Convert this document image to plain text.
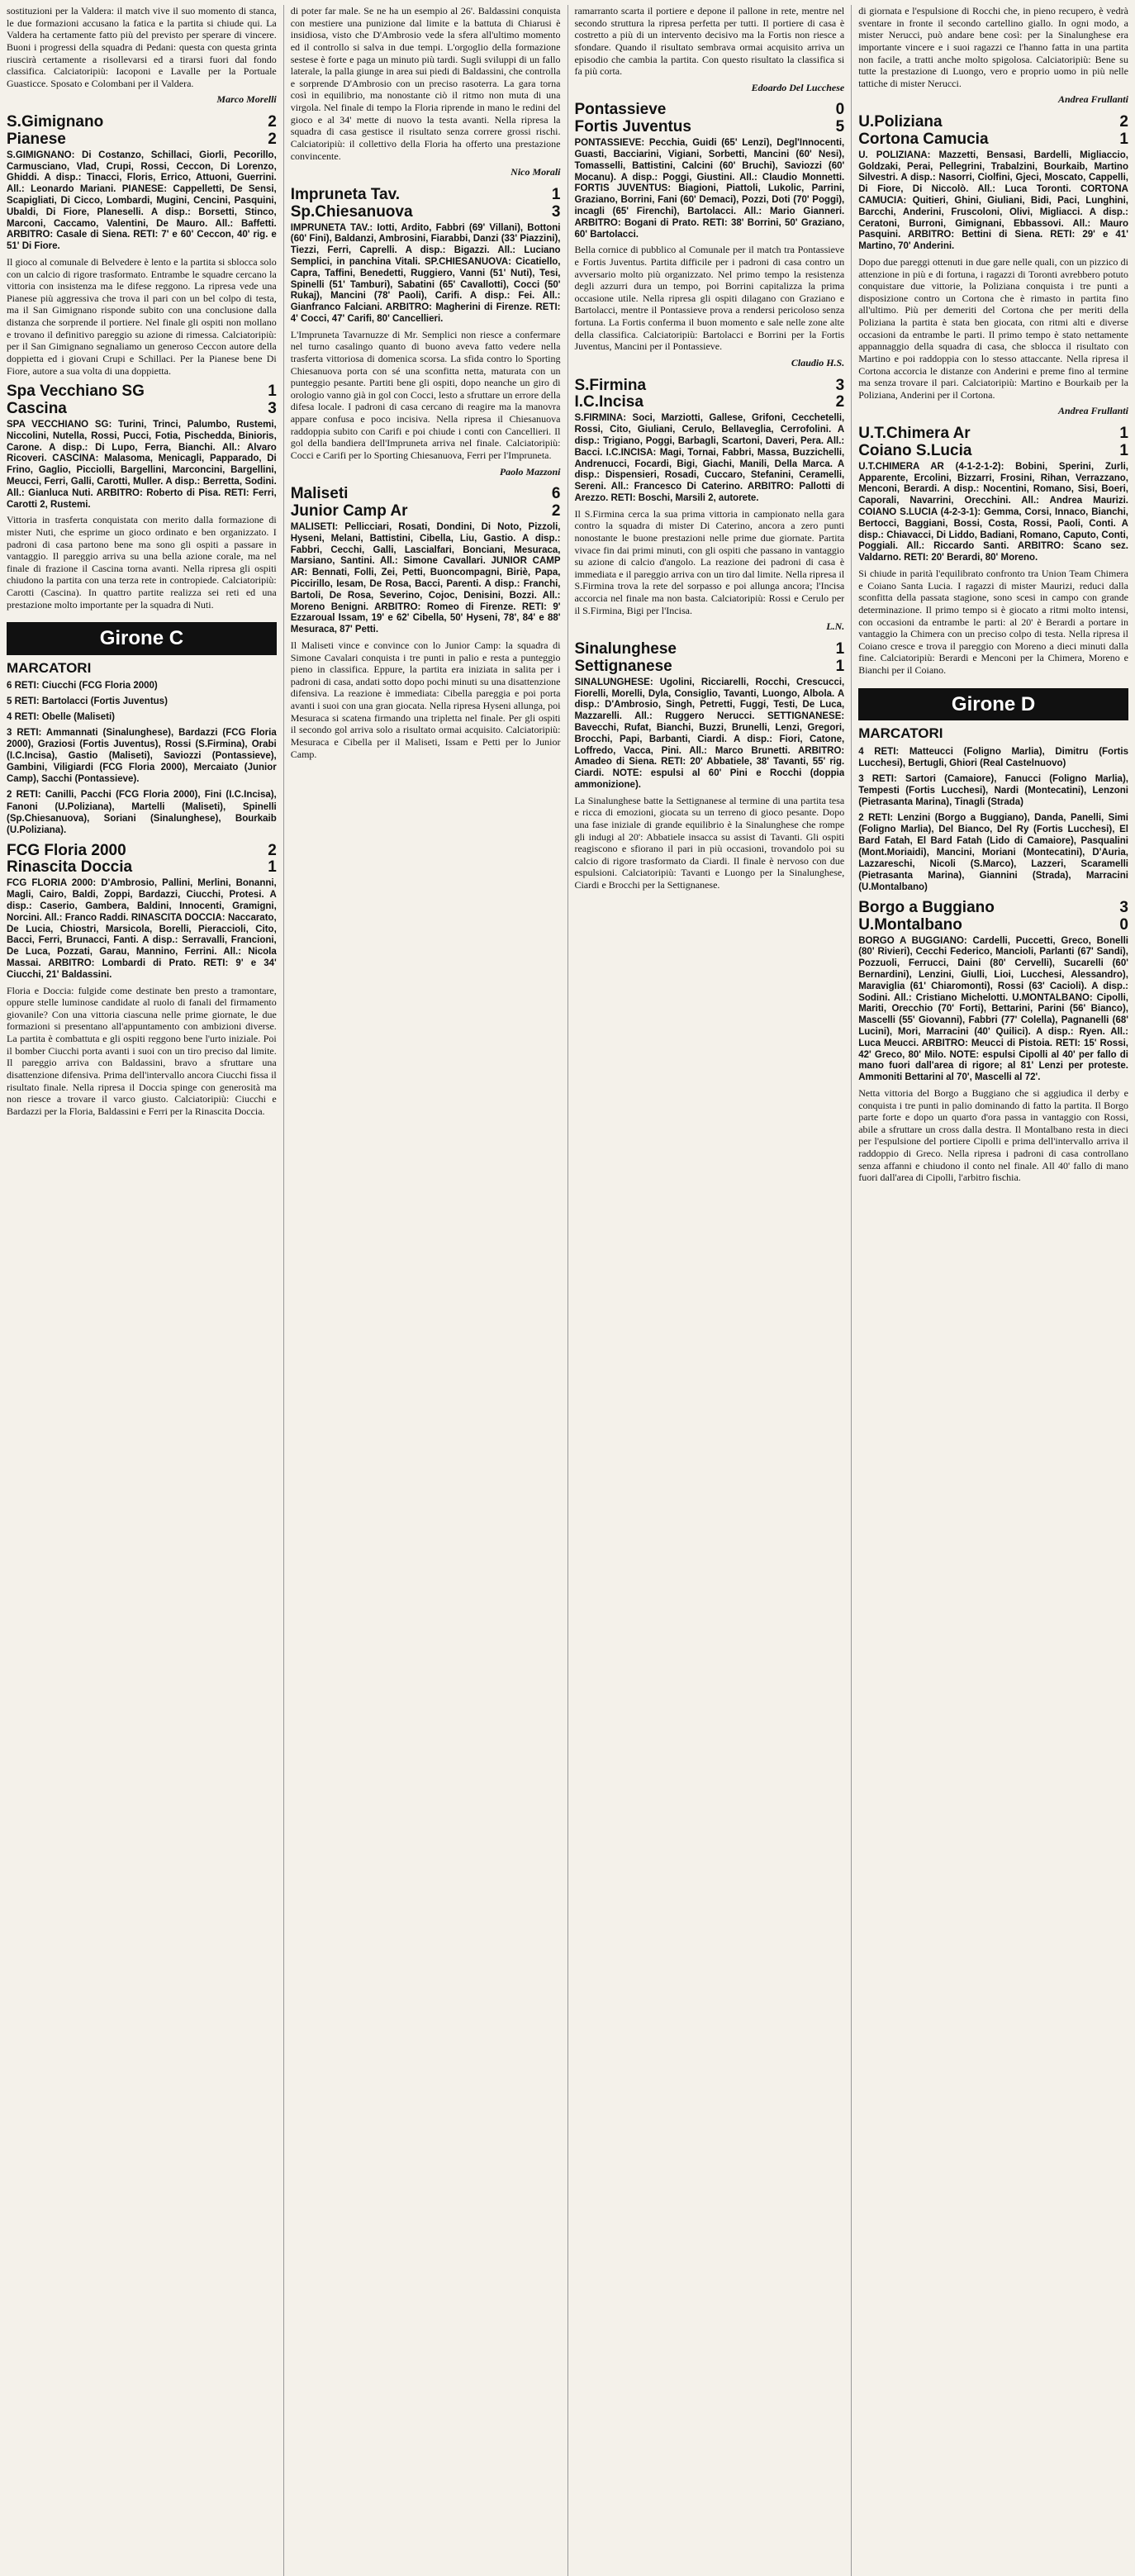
sostituzioni per la Valdera: il match vive il suo momento di stanca, le due formazioni accusano la fatica e la partita si chiude qui. La Valdera ha certamente fatto più del previsto per sperare di vincere. Buoni i progressi della squadra di Pedani: questa con questa grinta riuscirà certamente a risollevarsi ed a tirarsi fuori dal fondo classifica. Calciatoripiù: Iacoponi e Lavalle per la Portuale Guasticce. Sposato e Colombani per il Valdera.

Marco Morelli
S.Gimignano	2
Pianese	2
S.GIMIGNANO: Di Costanzo, Schillaci, Giorli, Pecorillo, Carmusciano, Vlad, Crupi, Rossi, Ceccon, Di Lorenzo, Ghiddi. A disp.: Tinacci, Floris, Errico, Attuoni, Guerrini. All.: Leonardo Mariani. PIANESE: Cappelletti, De Sensi, Scapigliati, Di Cicco, Lombardi, Mugini, Cencini, Pasquini, Ubaldi, Di Fiore, Planeselli. A disp.: Borsetti, Stinco, Marconi, Caccamo, Valentini, De Mauro. All.: Baffetti. ARBITRO: Casale di Siena. RETI: 7' e 60' Ceccon, 40' rig. e 51' Di Fiore.

Il gioco al comunale di Belvedere è lento e la partita si sblocca solo con un calcio di rigore trasformato. Entrambe le squadre cercano la vittoria con insistenza ma le difese reggono. La ripresa vede una Pianese più aggressiva che trova il pari con un bel colpo di testa, ma il San Gimignano risponde subito con una conclusione dalla distanza che sorprende il portiere. Nel finale gli ospiti non mollano e trovano il definitivo pareggio su azione di rimessa. Calciatoripiù: per il San Gimignano segnaliamo un generoso Ceccon autore della doppietta ed i giovani Crupi e Schillaci. Per la Pianese bene Di Fiore, autore a sua volta di una doppietta.

Spa Vecchiano SG	1
Cascina	3
SPA VECCHIANO SG: Turini, Trinci, Palumbo, Rustemi, Niccolini, Nutella, Rossi, Pucci, Fotia, Pischedda, Binioris, Carone. A disp.: Di Lupo, Ferra, Bianchi. All.: Alvaro Ricoveri. CASCINA: Malasoma, Menicagli, Papparado, Di Frino, Gaglio, Picciolli, Bargellini, Marconcini, Bargellini, Meucci, Ferri, Galli, Carotti, Muller. A disp.: Berretta, Sodini. All.: Gianluca Nuti. ARBITRO: Roberto di Pisa. RETI: Ferri, Carotti 2, Rustemi.

Vittoria in trasferta conquistata con merito dalla formazione di mister Nuti, che esprime un gioco ordinato e ben organizzato. I padroni di casa partono bene ma sono gli ospiti a passare in vantaggio. Il pareggio arriva su una bella azione corale, ma nel finale di frazione il Cascina torna avanti. Nella ripresa gli ospiti chiudono la partita con una terza rete in contropiede. Calciatoripiù: Carotti (Cascina). In quattro partite realizza sei reti ed una prestazione molto importante per la squadra di Nuti.

Girone C
MARCATORI

6 RETI: Ciucchi (FCG Floria 2000)

5 RETI: Bartolacci (Fortis Juventus)

4 RETI: Obelle (Maliseti)

3 RETI: Ammannati (Sinalunghese), Bardazzi (FCG Floria 2000), Graziosi (Fortis Juventus), Rossi (S.Firmina), Orabi (I.C.Incisa), Gastio (Maliseti), Saviozzi (Pontassieve), Gambini, Viligiardi (FCG Floria 2000), Mercaiato (Junior Camp), Sacchi (Pontassieve).

2 RETI: Canilli, Pacchi (FCG Floria 2000), Fini (I.C.Incisa), Fanoni (U.Poliziana), Martelli (Maliseti), Spinelli (Sp.Chiesanuova), Soriani (Sinalunghese), Bourkaib (U.Poliziana).

FCG Floria 2000	2
Rinascita Doccia	1
FCG FLORIA 2000: D'Ambrosio, Pallini, Merlini, Bonanni, Magli, Cairo, Baldi, Zoppi, Bardazzi, Ciucchi, Protesi. A disp.: Caserio, Gambera, Baldini, Innocenti, Gramigni, Norcini. All.: Franco Raddi. RINASCITA DOCCIA: Naccarato, De Lucia, Chiostri, Marsicola, Borelli, Pieraccioli, Cito, Bacci, Ferri, Brunacci, Fanti. A disp.: Serravalli, Francioni, De Luca, Pozzati, Garau, Mannino, Ferrini. All.: Nicola Massai. ARBITRO: Lombardi di Prato. RETI: 9' e 34' Ciucchi, 21' Baldassini.

Floria e Doccia: fulgide come destinate ben presto a tramontare, oppure stelle luminose candidate al ruolo di fanali del firmamento giovanile? Con una vittoria ciascuna nelle prime giornate, le due formazioni si presentano all'appuntamento con ambizioni diverse. La partita è combattuta e gli ospiti reggono bene l'urto iniziale. Poi il bomber Ciucchi porta avanti i suoi con un tiro preciso dal limite. Il pareggio arriva con Baldassini, bravo a sfruttare una disattenzione difensiva. Prima dell'intervallo ancora Ciucchi fissa il risultato finale. Nella ripresa il Doccia spinge con generosità ma non riesce a trovare il varco giusto. Calciatoripiù: Ciucchi e Bardazzi per la Floria, Baldassini e Ferri per la Rinascita Doccia.

di poter far male. Se ne ha un esempio al 26'. Baldassini conquista con mestiere una punizione dal limite e la battuta di Chiarusi è insidiosa, visto che D'Ambrosio vede la sfera all'ultimo momento ed il controllo si salva in due tempi. L'orgoglio della formazione sestese è forte e paga un minuto più tardi. Sugli sviluppi di un fallo laterale, la palla giunge in area sui piedi di Baldassini, che controlla e sorprende D'Ambrosio con un preciso rasoterra. La gara torna così in equilibrio, ma nonostante ciò il ritmo non muta di una virgola. Nel finale di tempo la Floria riprende in mano le redini del gioco e al 34' mette di nuovo la testa avanti. Nella ripresa la squadra di casa gestisce il risultato senza correre grossi rischi. Calciatoripiù: il collettivo della Floria ha offerto una prestazione convincente.

Nico Morali
Impruneta Tav.	1
Sp.Chiesanuova	3
IMPRUNETA TAV.: Iotti, Ardito, Fabbri (69' Villani), Bottoni (60' Fini), Baldanzi, Ambrosini, Fiarabbi, Danzi (33' Piazzini), Tiezzi, Ferri, Caprelli. A disp.: Bigazzi. All.: Luciano Semplici, in panchina Vitali. SP.CHIESANUOVA: Cicatiello, Capra, Taffini, Benedetti, Ruggiero, Vanni (51' Nuti), Tesi, Spinelli (51' Tamburi), Sabatini (65' Cavallotti), Cocci (50' Rukaj), Mancini (78' Paoli), Carifi. A disp.: Fei. All.: Gianfranco Falciani. ARBITRO: Magherini di Firenze. RETI: 4' Cocci, 47' Carifi, 80' Cancellieri.

L'Impruneta Tavarnuzze di Mr. Semplici non riesce a confermare nel turno casalingo quanto di buono aveva fatto vedere nella trasferta vittoriosa di domenica scorsa. La sfida contro lo Sporting Chiesanuova porta con sé una sconfitta netta, maturata con un punteggio pesante. Partiti bene gli ospiti, dopo neanche un giro di orologio vanno già in gol con Cocci, lesto a sfruttare un errore della difesa locale. I padroni di casa cercano di reagire ma la manovra appare confusa e poco incisiva. Nella ripresa il Chiesanuova raddoppia subito con Carifi e poi chiude i conti con Cancellieri. Il gol della bandiera dell'Impruneta arriva nel finale. Calciatoripiù: Cocci e Carifi per lo Sporting Chiesanuova, Ferri per l'Impruneta.

Paolo Mazzoni
Maliseti	6
Junior Camp Ar	2
MALISETI: Pellicciari, Rosati, Dondini, Di Noto, Pizzoli, Hyseni, Melani, Battistini, Cibella, Liu, Gastio. A disp.: Fabbri, Cecchi, Galli, Lascialfari, Bonciani, Mesuraca, Marsiano, Santini. All.: Simone Cavallari. JUNIOR CAMP AR: Bennati, Folli, Zei, Petti, Buoncompagni, Biriè, Papa, Piccirillo, Iesam, De Rosa, Bacci, Parenti. A disp.: Franchi, Bartoli, De Rosa, Severino, Cojoc, Denisini, Bozzi. All.: Moreno Benigni. ARBITRO: Romeo di Firenze. RETI: 9' Ezzaroual Issam, 19' e 62' Cibella, 50' Hyseni, 78', 84' e 88' Mesuraca, 87' Petti.

Il Maliseti vince e convince con lo Junior Camp: la squadra di Simone Cavalari conquista i tre punti in palio e resta a punteggio pieno in classifica. Eppure, la partita era iniziata in salita per i padroni di casa, andati sotto dopo pochi minuti su una disattenzione difensiva. La reazione è immediata: Cibella pareggia e poi porta avanti i suoi con una gran giocata. Nella ripresa Hyseni allunga, poi Mesuraca si scatena firmando una tripletta nel finale. Per gli ospiti il secondo gol arriva solo a risultato ormai acquisito. Calciatoripiù: Mesuraca e Cibella per il Maliseti, Issam e Petti per lo Junior Camp.

ramarranto scarta il portiere e depone il pallone in rete, mentre nel secondo struttura la ripresa perfetta per tutti. Il portiere di casa è costretto a più di un intervento decisivo ma la Fortis non riesce a sfondare. Quando il risultato sembrava ormai acquisito arriva un episodio che cambia la partita. Con questo risultato la classifica si fa più corta.

Edoardo Del Lucchese
Pontassieve	0
Fortis Juventus	5
PONTASSIEVE: Pecchia, Guidi (65' Lenzi), Degl'Innocenti, Guasti, Bacciarini, Vigiani, Sorbetti, Mancini (60' Nesi), Tomasselli, Battistini, Calcini (60' Bruchi), Saviozzi (60' Mocanu). A disp.: Poggi, Giustini. All.: Claudio Monnetti. FORTIS JUVENTUS: Biagioni, Piattoli, Lukolic, Parrini, Graziano, Borrini, Fani (60' Demaci), Pozzi, Doti (70' Poggi), incagli (65' Firenchi), Bartolacci. All.: Mario Gianneri. ARBITRO: Bogani di Prato. RETI: 38' Borrini, 50' Graziano, 60' Bartolacci.

Bella cornice di pubblico al Comunale per il match tra Pontassieve e Fortis Juventus. Partita difficile per i padroni di casa contro un avversario molto più organizzato. Nel primo tempo la resistenza degli azzurri dura un tempo, poi Borrini capitalizza la prima occasione utile. Nella ripresa gli ospiti dilagano con Graziano e Bartolacci, mentre il Pontassieve prova a rendersi pericoloso senza fortuna. La Fortis conferma il buon momento e sale nelle zone alte della classifica. Calciatoripiù: Bartolacci e Borrini per la Fortis Juventus, Mancini per il Pontassieve.

Claudio H.S.
S.Firmina	3
I.C.Incisa	2
S.FIRMINA: Soci, Marziotti, Gallese, Grifoni, Cecchetelli, Rossi, Cito, Giuliani, Cerulo, Bellaveglia, Cerrofolini. A disp.: Trigiano, Poggi, Barbagli, Scartoni, Daveri, Pera. All.: Bacci. I.C.INCISA: Magi, Tornai, Fabbri, Massa, Buzzichelli, Andrenucci, Focardi, Bigi, Giachi, Manili, Della Marca. A disp.: Dispensieri, Rosadi, Cuccaro, Stefanini, Ceramelli, Sereni. All.: Francesco Di Caterino. ARBITRO: Pallotti di Arezzo. RETI: Boschi, Marsili 2, autorete.

Il S.Firmina cerca la sua prima vittoria in campionato nella gara contro la squadra di mister Di Caterino, ancora a zero punti nonostante le buone prestazioni nelle prime due giornate. Partita vivace fin dai primi minuti, con gli ospiti che passano in vantaggio su azione di calcio d'angolo. La reazione dei padroni di casa è immediata e il pareggio arriva con un tiro dal limite. Nella ripresa il S.Firmina trova la rete del sorpasso e poi allunga ancora; l'Incisa accorcia nel finale ma non basta. Calciatoripiù: Rossi e Cerulo per il S.Firmina, Bigi per l'Incisa.

L.N.
Sinalunghese	1
Settignanese	1
SINALUNGHESE: Ugolini, Ricciarelli, Rocchi, Crescucci, Fiorelli, Morelli, Dyla, Consiglio, Tavanti, Luongo, Albola. A disp.: D'Ambrosio, Singh, Petretti, Fuggi, Testi, De Luca, Mazzarelli. All.: Ruggero Nerucci. SETTIGNANESE: Bavecchi, Rufat, Bianchi, Buzzi, Brunelli, Lenzi, Gregori, Brocchi, Papi, Barbanti, Ciardi. A disp.: Fiori, Catone, Loffredo, Vacca, Pini. All.: Marco Brunetti. ARBITRO: Amadeo di Siena. RETI: 20' Abbatiele, 38' Tavanti, 55' rig. Ciardi. NOTE: espulsi al 60' Pini e Rocchi (doppia ammonizione).

La Sinalunghese batte la Settignanese al termine di una partita tesa e ricca di emozioni, giocata su un terreno di gioco pesante. Dopo una fase iniziale di grande equilibrio è la Sinalunghese che rompe gli indugi al 20': Abbatiele insacca su assist di Tavanti. Gli ospiti reagiscono e sfiorano il pari in più occasioni, trovandolo poi su calcio di rigore trasformato da Ciardi. Il finale è nervoso con due espulsioni. Calciatoripiù: Tavanti e Luongo per la Sinalunghese, Ciardi e Brocchi per la Settignanese.

di giornata e l'espulsione di Rocchi che, in pieno recupero, è vedrà sventare in fronte il secondo cartellino giallo. In ogni modo, a mister Nerucci, può andare bene così: per la Sinalunghese era importante vincere e i suoi ragazzi ce l'hanno fatta in una partita non facile, a tratti anche molto spigolosa. Calciatoripiù: Bene su tutte la prestazione di Luongo, vero e proprio uomo in più nelle tattiche di mister Nerucci.

Andrea Frullanti
U.Poliziana	2
Cortona Camucia	1
U. POLIZIANA: Mazzetti, Bensasi, Bardelli, Migliaccio, Goldzaki, Perai, Pellegrini, Trabalzini, Bourkaib, Martino Silvestri. A disp.: Nasorri, Ciolfini, Gjeci, Moscato, Cappelli, Di Fiore, Di Niccolò. All.: Luca Toronti. CORTONA CAMUCIA: Quitieri, Ghini, Giuliani, Bidi, Paci, Lunghini, Barcchi, Anderini, Fruscoloni, Olivi, Migliacci. A disp.: Ceratoni, Burroni, Gimignani, Ebbassovi. All.: Mauro Pasquini. ARBITRO: Bettini di Siena. RETI: 29' e 41' Martino, 70' Anderini.

Dopo due pareggi ottenuti in due gare nelle quali, con un pizzico di attenzione in più e di fortuna, i ragazzi di Toronti avrebbero potuto conquistare due vittorie, la Poliziana conquista i tre punti a disposizione contro un Cortona che è rimasto in partita fino all'ultimo. Più per demeriti del Cortona che per meriti della Poliziana la partita è stata ben giocata, con ritmi alti e diverse occasioni da entrambe le parti. Il primo tempo è stato nettamente appannaggio della squadra di casa, che sblocca il risultato con Martino e poi raddoppia con lo stesso attaccante. Nella ripresa il Cortona accorcia le distanze con Anderini e preme fino al termine ma senza trovare il pari. Calciatoripiù: Martino e Bourkaib per la Poliziana, Anderini per il Cortona.

Andrea Frullanti
U.T.Chimera Ar	1
Coiano S.Lucia	1
U.T.CHIMERA AR (4-1-2-1-2): Bobini, Sperini, Zurli, Apparente, Ercolini, Bizzarri, Frosini, Rihan, Verrazzano, Menconi, Berardi. A disp.: Nocentini, Romano, Sisi, Boeri, Caporali, Navarrini, Orecchini. All.: Andrea Maurizi. COIANO S.LUCIA (4-2-3-1): Gemma, Corsi, Innaco, Bianchi, Bertocci, Baggiani, Bossi, Costa, Rossi, Paoli, Conti. A disp.: Chiavacci, Di Liddo, Badiani, Romano, Caputo, Conti, Poggiali. All.: Riccardo Santi. ARBITRO: Scano sez. Valdarno. RETI: 20' Berardi, 80' Moreno.

Si chiude in parità l'equilibrato confronto tra Union Team Chimera e Coiano Santa Lucia. I ragazzi di mister Maurizi, reduci dalla sconfitta della passata stagione, sono scesi in campo con grande determinazione. Il primo tempo si è giocato a ritmi molto intensi, con occasioni da entrambe le parti: al 20' è Berardi a portare in vantaggio la Chimera con un preciso colpo di testa. Nella ripresa il Coiano cresce e trova il pareggio con Moreno a dieci minuti dalla fine. Calciatoripiù: Berardi e Menconi per la Chimera, Moreno e Bianchi per il Coiano.

Girone D
MARCATORI

4 RETI: Matteucci (Foligno Marlia), Dimitru (Fortis Lucchesi), Bertugli, Ghiori (Real Castelnuovo)

3 RETI: Sartori (Camaiore), Fanucci (Foligno Marlia), Tempesti (Fortis Lucchesi), Nardi (Montecatini), Lenzoni (Pietrasanta Marina), Tinagli (Strada)

2 RETI: Lenzini (Borgo a Buggiano), Danda, Panelli, Simi (Foligno Marlia), Del Bianco, Del Ry (Fortis Lucchesi), El Bard Fatah, El Bard Fatah (Lido di Camaiore), Pasqualini (Mont.Moriaidi), Mancini, Moriani (Montecatini), D'Auria, Lazzareschi, Nicoli (S.Marco), Lazzeri, Scaramelli (Pietrasanta Marina), Giannini (Strada), Marracini (U.Montalbano)

Borgo a Buggiano	3
U.Montalbano	0
BORGO A BUGGIANO: Cardelli, Puccetti, Greco, Bonelli (80' Rivieri), Cecchi Federico, Mancioli, Parlanti (67' Sandi), Pozzuoli, Ferrucci, Daini (80' Cervelli), Sucarelli (60' Bernardini), Lenzini, Giulli, Lioi, Lucchesi, Alessandro), Maraviglia (61' Chiaromonti), Rossi (63' Cacioli). A disp.: Sodini. All.: Cristiano Michelotti. U.MONTALBANO: Cipolli, Mariti, Orecchio (70' Forti), Bettarini, Parini (56' Bianco), Mascelli (55' Giovanni), Fabbri (77' Colella), Pagnanelli (68' Lucini), Mori, Marracini (40' Quilici). A disp.: Ryen. All.: Luca Meucci. ARBITRO: Meucci di Pistoia. RETI: 15' Rossi, 42' Greco, 80' Milo. NOTE: espulsi Cipolli al 40' per fallo di mano fuori dall'area di rigore; al 81' Lenzi per proteste. Ammoniti Bettarini al 70', Mascelli al 72'.

Netta vittoria del Borgo a Buggiano che si aggiudica il derby e conquista i tre punti in palio dominando di fatto la partita. Il Borgo parte forte e dopo un quarto d'ora passa in vantaggio con Rossi, abile a sfruttare un cross dalla destra. Il Montalbano resta in dieci per l'espulsione del portiere Cipolli e prima dell'intervallo arriva il raddoppio di Greco. Nella ripresa i padroni di casa controllano senza affanni e chiudono il conto nel finale. All 40' fallo di mano fuori dall'area di Cipolli, l'arbitro fischia.
